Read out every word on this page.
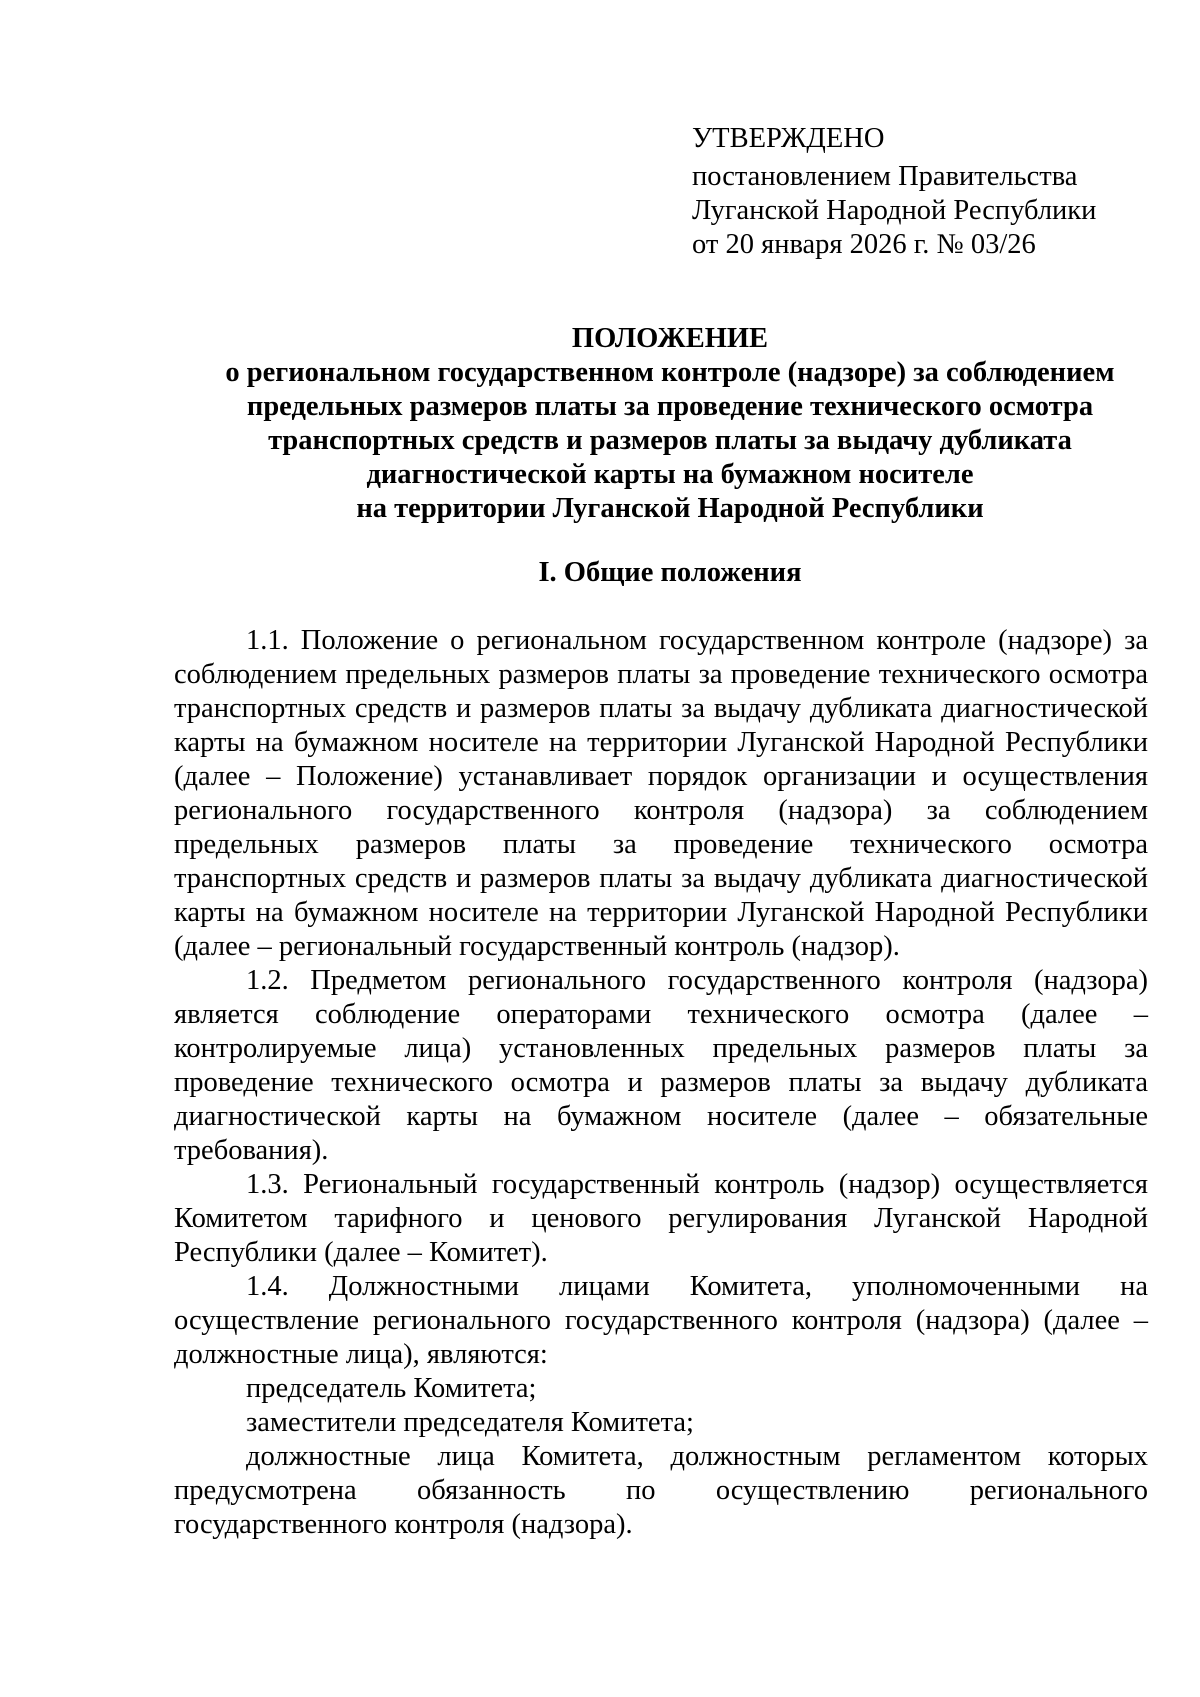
УТВЕРЖДЕНО
постановлением Правительства
Луганской Народной Республики
от 20 января 2026 г. № 03/26
ПОЛОЖЕНИЕ
о региональном государственном контроле (надзоре) за соблюдением
предельных размеров платы за проведение технического осмотра
транспортных средств и размеров платы за выдачу дубликата
диагностической карты на бумажном носителе
на территории Луганской Народной Республики
I. Общие положения

1.1. Положение о региональном государственном контроле (надзоре) за соблюдением предельных размеров платы за проведение технического осмотра транспортных средств и размеров платы за выдачу дубликата диагностической карты на бумажном носителе на территории Луганской Народной Республики (далее – Положение) устанавливает порядок организации и осуществления регионального государственного контроля (надзора) за соблюдением предельных размеров платы за проведение технического осмотра транспортных средств и размеров платы за выдачу дубликата диагностической карты на бумажном носителе на территории Луганской Народной Республики (далее – региональный государственный контроль (надзор).

1.2. Предметом регионального государственного контроля (надзора) является соблюдение операторами технического осмотра (далее – контролируемые лица) установленных предельных размеров платы за проведение технического осмотра и размеров платы за выдачу дубликата диагностической карты на бумажном носителе (далее – обязательные требования).

1.3. Региональный государственный контроль (надзор) осуществляется Комитетом тарифного и ценового регулирования Луганской Народной Республики (далее – Комитет).

1.4. Должностными лицами Комитета, уполномоченными на осуществление регионального государственного контроля (надзора) (далее – должностные лица), являются:

председатель Комитета;

заместители председателя Комитета;

должностные лица Комитета, должностным регламентом которых предусмотрена обязанность по осуществлению регионального государственного контроля (надзора).
